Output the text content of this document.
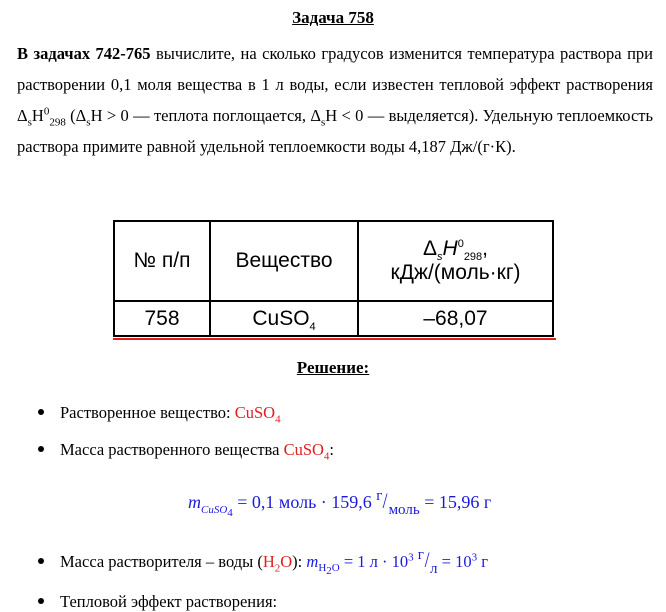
Задача 758
В задачах 742-765 вычислите, на сколько градусов изменится температура раствора при растворении 0,1 моля вещества в 1 л воды, если известен тепловой эффект растворения $\Delta_sH^0_{298}$ ($\Delta_sH > 0$ — теплота поглощается, $\Delta_sH < 0$ — выделяется). Удельную теплоемкость раствора примите равной удельной теплоемкости воды 4,187 Дж/(г·К).
№ п/п	Вещество	$\Delta_sH^0_{298}$,
кДж/(моль·кг)

758	CuSO$_4$	–68,07
Решение:
Растворенное вещество: CuSO$_4$
Масса растворенного вещества CuSO$_4$:
$m_{CuSO_4} = 0,1$ моль · 159,6 $^г/_{моль} = 15,96$ г
Масса растворителя – воды $(H_2O)$: $m_{H_2O} = 1$ $л \cdot 10^3$ $г/л = 10^3$ г
Тепловой эффект растворения:
